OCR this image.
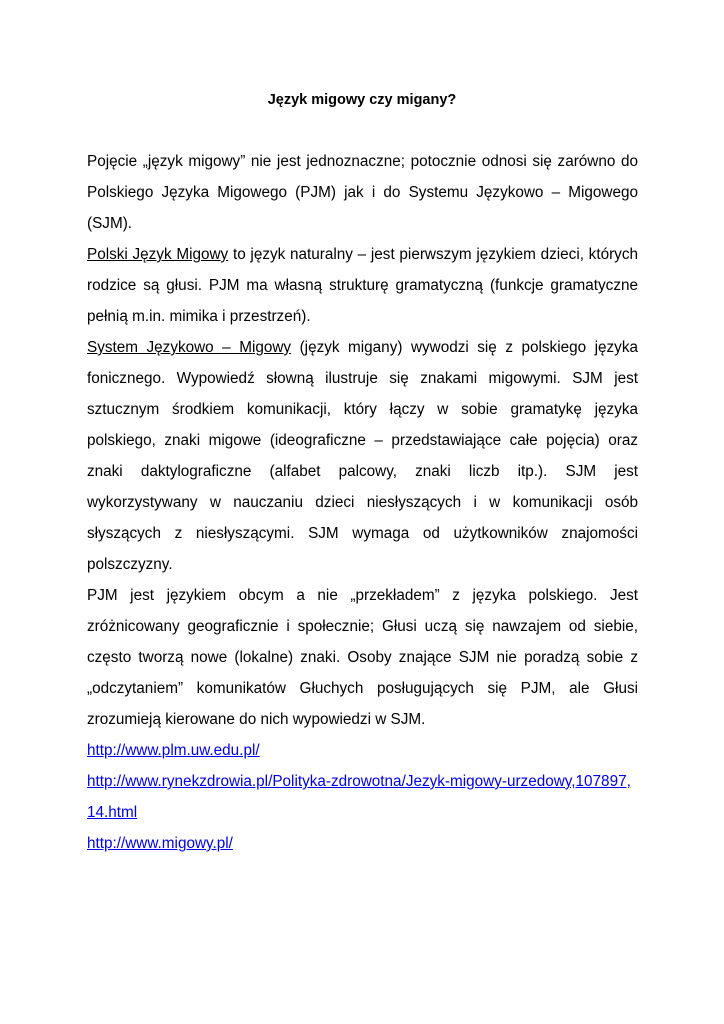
Język migowy czy migany?

Pojęcie „język migowy” nie jest jednoznaczne; potocznie odnosi się zarówno do Polskiego Języka Migowego (PJM) jak i do Systemu Językowo – Migowego (SJM).

Polski Język Migowy to język naturalny – jest pierwszym językiem dzieci, których rodzice są głusi. PJM ma własną strukturę gramatyczną (funkcje gramatyczne pełnią m.in. mimika i przestrzeń).

System Językowo – Migowy (język migany) wywodzi się z polskiego języka fonicznego. Wypowiedź słowną ilustruje się znakami migowymi. SJM jest sztucznym środkiem komunikacji, który łączy w sobie gramatykę języka polskiego, znaki migowe (ideograficzne – przedstawiające całe pojęcia) oraz znaki daktylograficzne (alfabet palcowy, znaki liczb itp.). SJM jest wykorzystywany w nauczaniu dzieci niesłyszących i w komunikacji osób słyszących z niesłyszącymi. SJM wymaga od użytkowników znajomości polszczyzny.

PJM jest językiem obcym a nie „przekładem” z języka polskiego. Jest zróżnicowany geograficznie i społecznie; Głusi uczą się nawzajem od siebie, często tworzą nowe (lokalne) znaki. Osoby znające SJM nie poradzą sobie z „odczytaniem” komunikatów Głuchych posługujących się PJM, ale Głusi zrozumieją kierowane do nich wypowiedzi w SJM.

http://www.plm.uw.edu.pl/
http://www.rynekzdrowia.pl/Polityka-zdrowotna/Jezyk-migowy-urzedowy,107897,14.html
http://www.migowy.pl/
